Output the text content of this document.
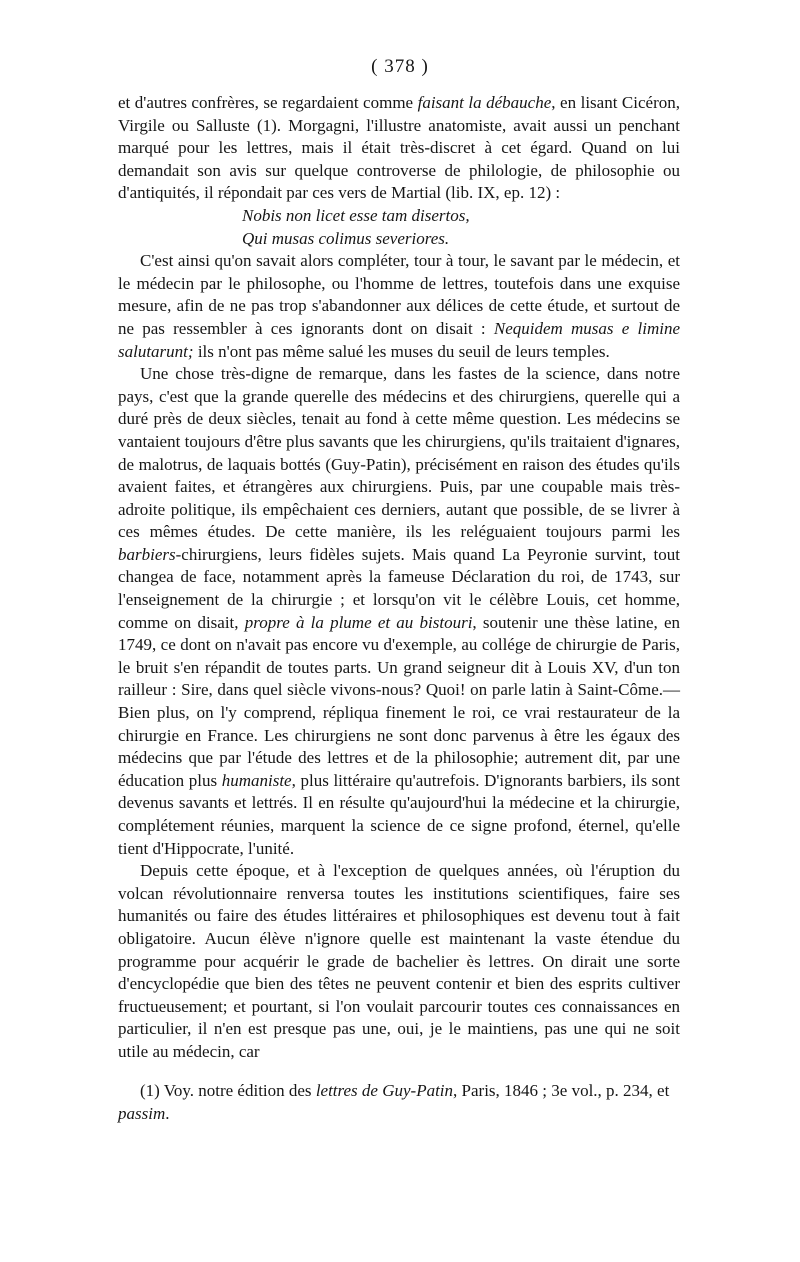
( 378 )

et d'autres confrères, se regardaient comme faisant la débauche, en lisant Cicéron, Virgile ou Salluste (1). Morgagni, l'illustre anatomiste, avait aussi un penchant marqué pour les lettres, mais il était très-discret à cet égard. Quand on lui demandait son avis sur quelque controverse de philologie, de philosophie ou d'antiquités, il répondait par ces vers de Martial (lib. IX, ep. 12) :

Nobis non licet esse tam disertos,
Qui musas colimus severiores.

C'est ainsi qu'on savait alors compléter, tour à tour, le savant par le médecin, et le médecin par le philosophe, ou l'homme de lettres, toutefois dans une exquise mesure, afin de ne pas trop s'abandonner aux délices de cette étude, et surtout de ne pas ressembler à ces ignorants dont on disait : Nequidem musas e limine salutarunt; ils n'ont pas même salué les muses du seuil de leurs temples.

Une chose très-digne de remarque, dans les fastes de la science, dans notre pays, c'est que la grande querelle des médecins et des chirurgiens, querelle qui a duré près de deux siècles, tenait au fond à cette même question. Les médecins se vantaient toujours d'être plus savants que les chirurgiens, qu'ils traitaient d'ignares, de malotrus, de laquais bottés (Guy-Patin), précisément en raison des études qu'ils avaient faites, et étrangères aux chirurgiens. Puis, par une coupable mais très-adroite politique, ils empêchaient ces derniers, autant que possible, de se livrer à ces mêmes études. De cette manière, ils les reléguaient toujours parmi les barbiers-chirurgiens, leurs fidèles sujets. Mais quand La Peyronie survint, tout changea de face, notamment après la fameuse Déclaration du roi, de 1743, sur l'enseignement de la chirurgie ; et lorsqu'on vit le célèbre Louis, cet homme, comme on disait, propre à la plume et au bistouri, soutenir une thèse latine, en 1749, ce dont on n'avait pas encore vu d'exemple, au collége de chirurgie de Paris, le bruit s'en répandit de toutes parts. Un grand seigneur dit à Louis XV, d'un ton railleur : Sire, dans quel siècle vivons-nous? Quoi! on parle latin à Saint-Côme.—Bien plus, on l'y comprend, répliqua finement le roi, ce vrai restaurateur de la chirurgie en France. Les chirurgiens ne sont donc parvenus à être les égaux des médecins que par l'étude des lettres et de la philosophie; autrement dit, par une éducation plus humaniste, plus littéraire qu'autrefois. D'ignorants barbiers, ils sont devenus savants et lettrés. Il en résulte qu'aujourd'hui la médecine et la chirurgie, complétement réunies, marquent la science de ce signe profond, éternel, qu'elle tient d'Hippocrate, l'unité.

Depuis cette époque, et à l'exception de quelques années, où l'éruption du volcan révolutionnaire renversa toutes les institutions scientifiques, faire ses humanités ou faire des études littéraires et philosophiques est devenu tout à fait obligatoire. Aucun élève n'ignore quelle est maintenant la vaste étendue du programme pour acquérir le grade de bachelier ès lettres. On dirait une sorte d'encyclopédie que bien des têtes ne peuvent contenir et bien des esprits cultiver fructueusement; et pourtant, si l'on voulait parcourir toutes ces connaissances en particulier, il n'en est presque pas une, oui, je le maintiens, pas une qui ne soit utile au médecin, car

(1) Voy. notre édition des lettres de Guy-Patin, Paris, 1846 ; 3e vol., p. 234, et passim.
